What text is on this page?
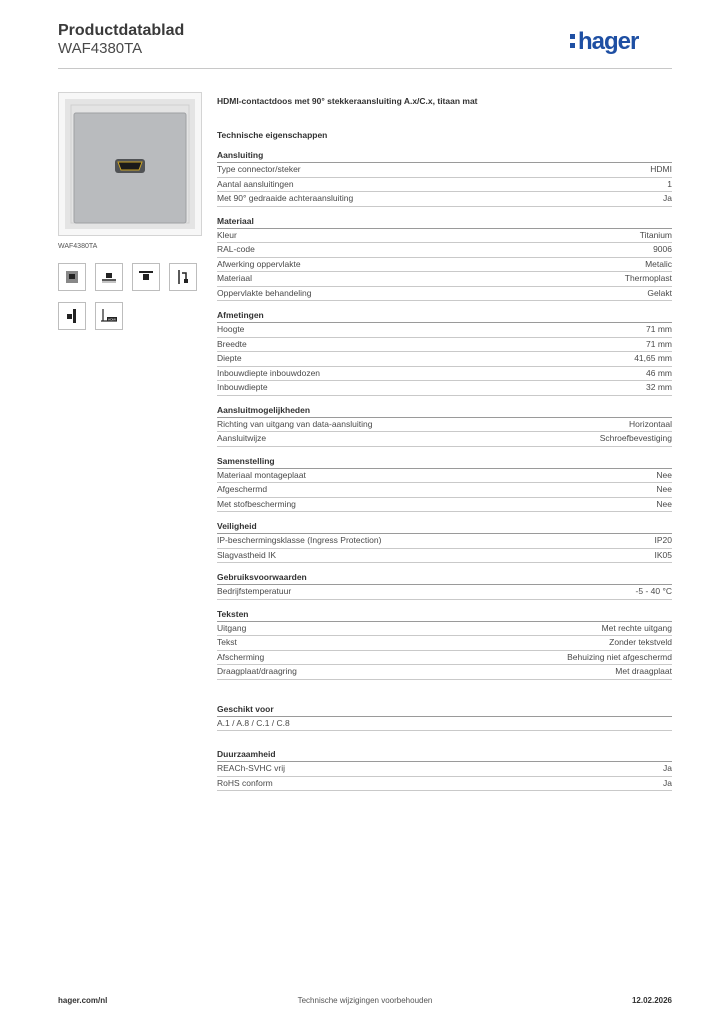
Productdatablad
WAF4380TA	hager
WAF4380TA
HDMI
HDMI-contactdoos met 90° stekkeraansluiting A.x/C.x, titaan mat
Technische eigenschappen
Aansluiting
Type connector/steker	HDMI
Aantal aansluitingen	1
Met 90° gedraaide achteraansluiting	Ja
Materiaal
Kleur	Titanium
RAL-code	9006
Afwerking oppervlakte	Metalic
Materiaal	Thermoplast
Oppervlakte behandeling	Gelakt
Afmetingen
Hoogte	71 mm
Breedte	71 mm
Diepte	41,65 mm
Inbouwdiepte inbouwdozen	46 mm
Inbouwdiepte	32 mm
Aansluitmogelijkheden
Richting van uitgang van data-aansluiting	Horizontaal
Aansluitwijze	Schroefbevestiging
Samenstelling
Materiaal montageplaat	Nee
Afgeschermd	Nee
Met stofbescherming	Nee
Veiligheid
IP-beschermingsklasse (Ingress Protection)	IP20
Slagvastheid IK	IK05
Gebruiksvoorwaarden
Bedrijfstemperatuur	-5 - 40 °C
Teksten
Uitgang	Met rechte uitgang
Tekst	Zonder tekstveld
Afscherming	Behuizing niet afgeschermd
Draagplaat/draagring	Met draagplaat
Geschikt voor
A.1 / A.8 / C.1 / C.8
Duurzaamheid
REACh-SVHC vrij	Ja
RoHS conform	Ja
hager.com/nl	Technische wijzigingen voorbehouden	12.02.2026
